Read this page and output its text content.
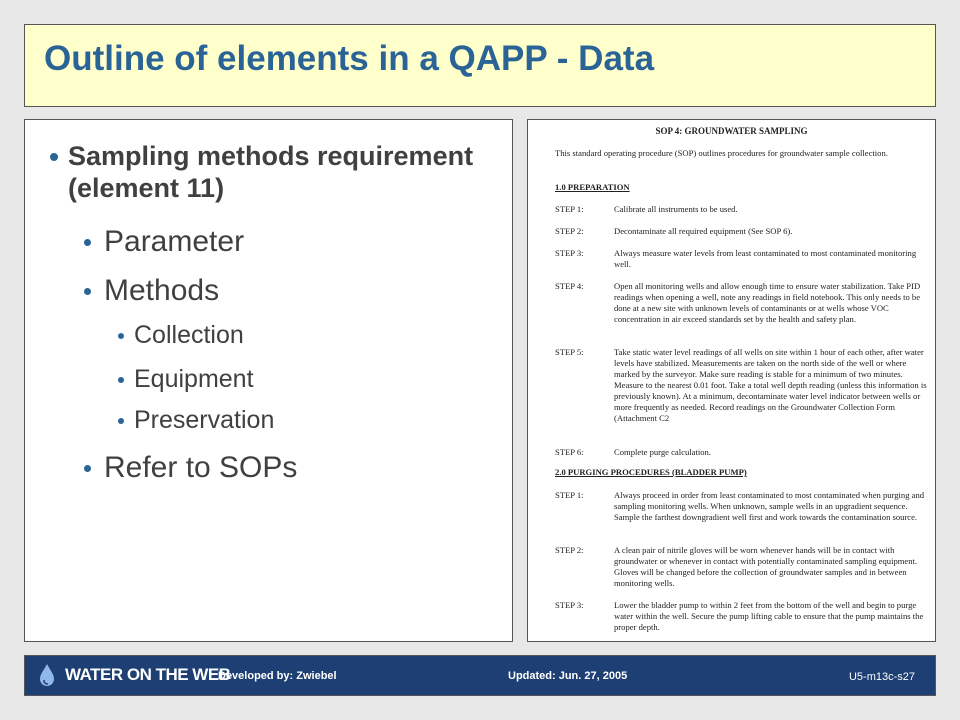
Outline of elements in a QAPP - Data
Sampling methods requirement (element 11)
Parameter
Methods
Collection
Equipment
Preservation
Refer to SOPs
SOP 4: GROUNDWATER SAMPLING
This standard operating procedure (SOP) outlines procedures for groundwater sample collection.
1.0 PREPARATION
STEP 1:	Calibrate all instruments to be used.
STEP 2:	Decontaminate all required equipment (See SOP 6).
STEP 3:	Always measure water levels from least contaminated to most contaminated monitoring well.
STEP 4:	Open all monitoring wells and allow enough time to ensure water stabilization. Take PID readings when opening a well, note any readings in field notebook. This only needs to be done at a new site with unknown levels of contaminants or at wells whose VOC concentration in air exceed standards set by the health and safety plan.
STEP 5:	Take static water level readings of all wells on site within 1 hour of each other, after water levels have stabilized. Measurements are taken on the north side of the well or where marked by the surveyor. Make sure reading is stable for a minimum of two minutes. Measure to the nearest 0.01 foot. Take a total well depth reading (unless this information is previously known). At a minimum, decontaminate water level indicator between wells or more frequently as needed. Record readings on the Groundwater Collection Form (Attachment C2
STEP 6:	Complete purge calculation.
2.0 PURGING PROCEDURES (BLADDER PUMP)
STEP 1:	Always proceed in order from least contaminated to most contaminated when purging and sampling monitoring wells. When unknown, sample wells in an upgradient sequence. Sample the farthest downgradient well first and work towards the contamination source.
STEP 2:	A clean pair of nitrile gloves will be worn whenever hands will be in contact with groundwater or whenever in contact with potentially contaminated sampling equipment. Gloves will be changed before the collection of groundwater samples and in between monitoring wells.
STEP 3:	Lower the bladder pump to within 2 feet from the bottom of the well and begin to purge water within the well. Secure the pump lifting cable to ensure that the pump maintains the proper depth.
WATER ON THE WEB
Developed by: Zwiebel	Updated: Jun. 27, 2005	U5-m13c-s27
